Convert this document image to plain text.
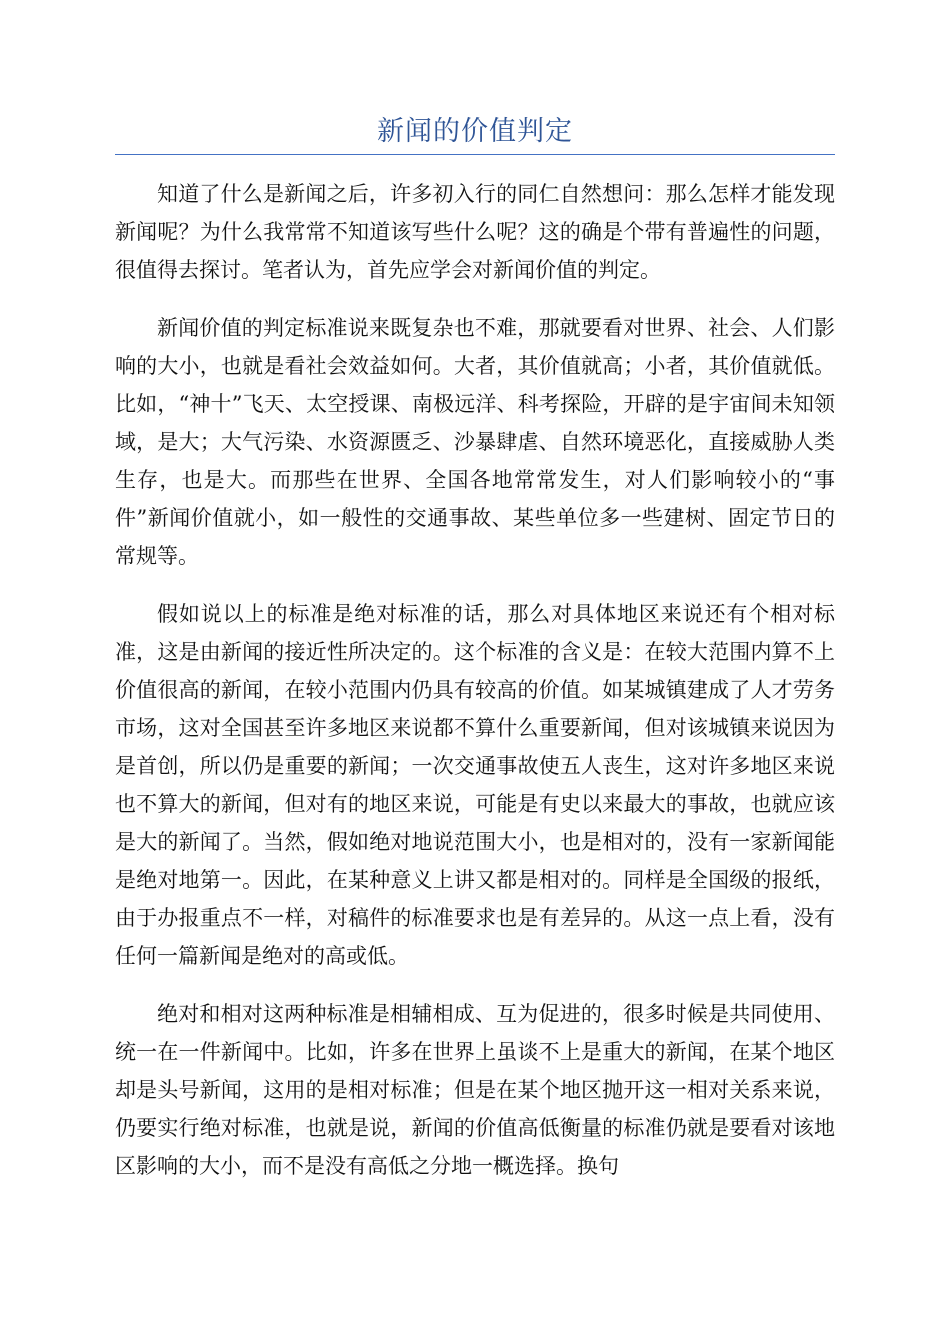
新闻的价值判定

知道了什么是新闻之后，许多初入行的同仁自然想问：那么怎样才能发现新闻呢？为什么我常常不知道该写些什么呢？这的确是个带有普遍性的问题，很值得去探讨。笔者认为，首先应学会对新闻价值的判定。

新闻价值的判定标准说来既复杂也不难，那就要看对世界、社会、人们影响的大小，也就是看社会效益如何。大者，其价值就高；小者，其价值就低。比如，“神十”飞天、太空授课、南极远洋、科考探险，开辟的是宇宙间未知领域，是大；大气污染、水资源匮乏、沙暴肆虐、自然环境恶化，直接威胁人类生存，也是大。而那些在世界、全国各地常常发生，对人们影响较小的“事件”新闻价值就小，如一般性的交通事故、某些单位多一些建树、固定节日的常规等。

假如说以上的标准是绝对标准的话，那么对具体地区来说还有个相对标准，这是由新闻的接近性所决定的。这个标准的含义是：在较大范围内算不上价值很高的新闻，在较小范围内仍具有较高的价值。如某城镇建成了人才劳务市场，这对全国甚至许多地区来说都不算什么重要新闻，但对该城镇来说因为是首创，所以仍是重要的新闻；一次交通事故使五人丧生，这对许多地区来说也不算大的新闻，但对有的地区来说，可能是有史以来最大的事故，也就应该是大的新闻了。当然，假如绝对地说范围大小，也是相对的，没有一家新闻能是绝对地第一。因此，在某种意义上讲又都是相对的。同样是全国级的报纸，由于办报重点不一样，对稿件的标准要求也是有差异的。从这一点上看，没有任何一篇新闻是绝对的高或低。

绝对和相对这两种标准是相辅相成、互为促进的，很多时候是共同使用、统一在一件新闻中。比如，许多在世界上虽谈不上是重大的新闻，在某个地区却是头号新闻，这用的是相对标准；但是在某个地区抛开这一相对关系来说，仍要实行绝对标准，也就是说，新闻的价值高低衡量的标准仍就是要看对该地区影响的大小，而不是没有高低之分地一概选择。换句
